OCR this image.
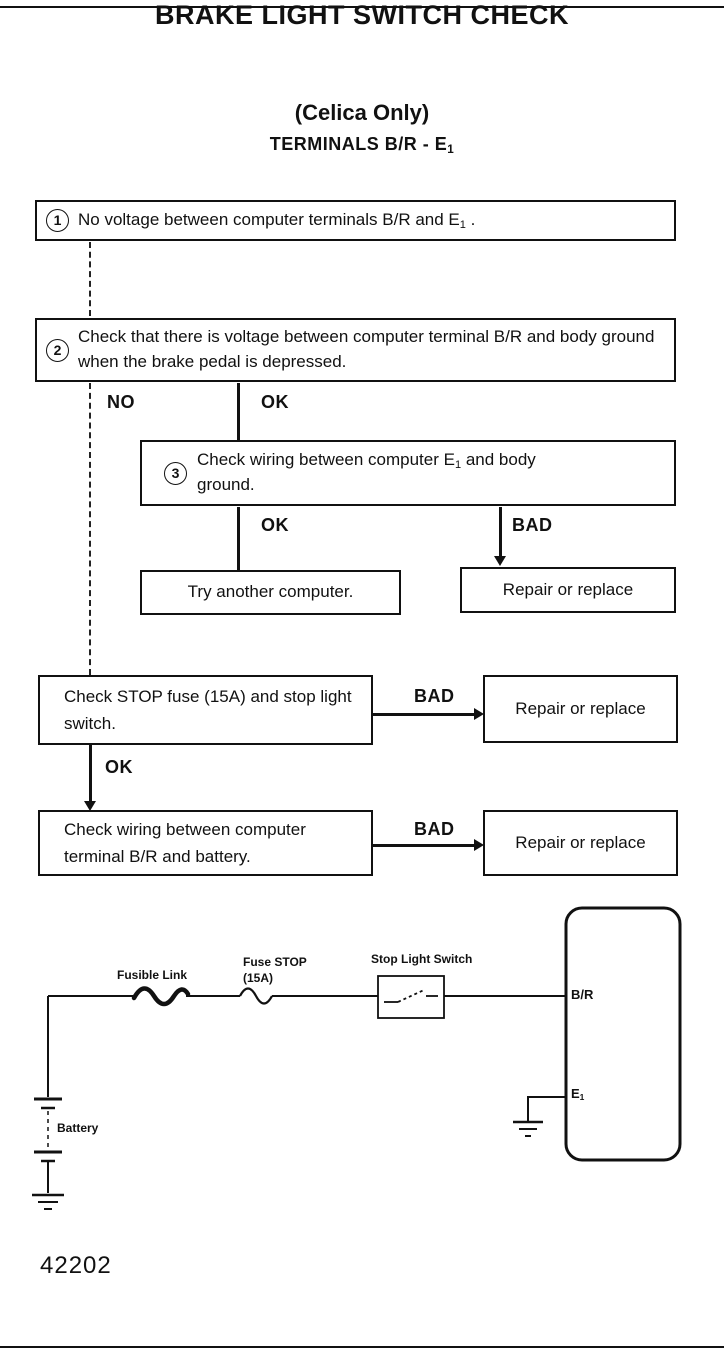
BRAKE LIGHT SWITCH CHECK
(Celica Only)
TERMINALS B/R - E1
1 No voltage between computer terminals B/R and E1 .
2
Check that there is voltage between computer terminal B/R and body ground when the brake pedal is depressed.
NO	OK
3
Check wiring between computer E1 and body ground.
OK	BAD
Try another computer.	Repair or replace
Check STOP fuse (15A) and stop light switch.
BAD
Repair or replace
OK
Check wiring between computer terminal B/R and battery.
BAD
Repair or replace
Fusible Link
Fuse STOP
(15A)
Stop Light Switch
B/R
E1
Battery
42202
